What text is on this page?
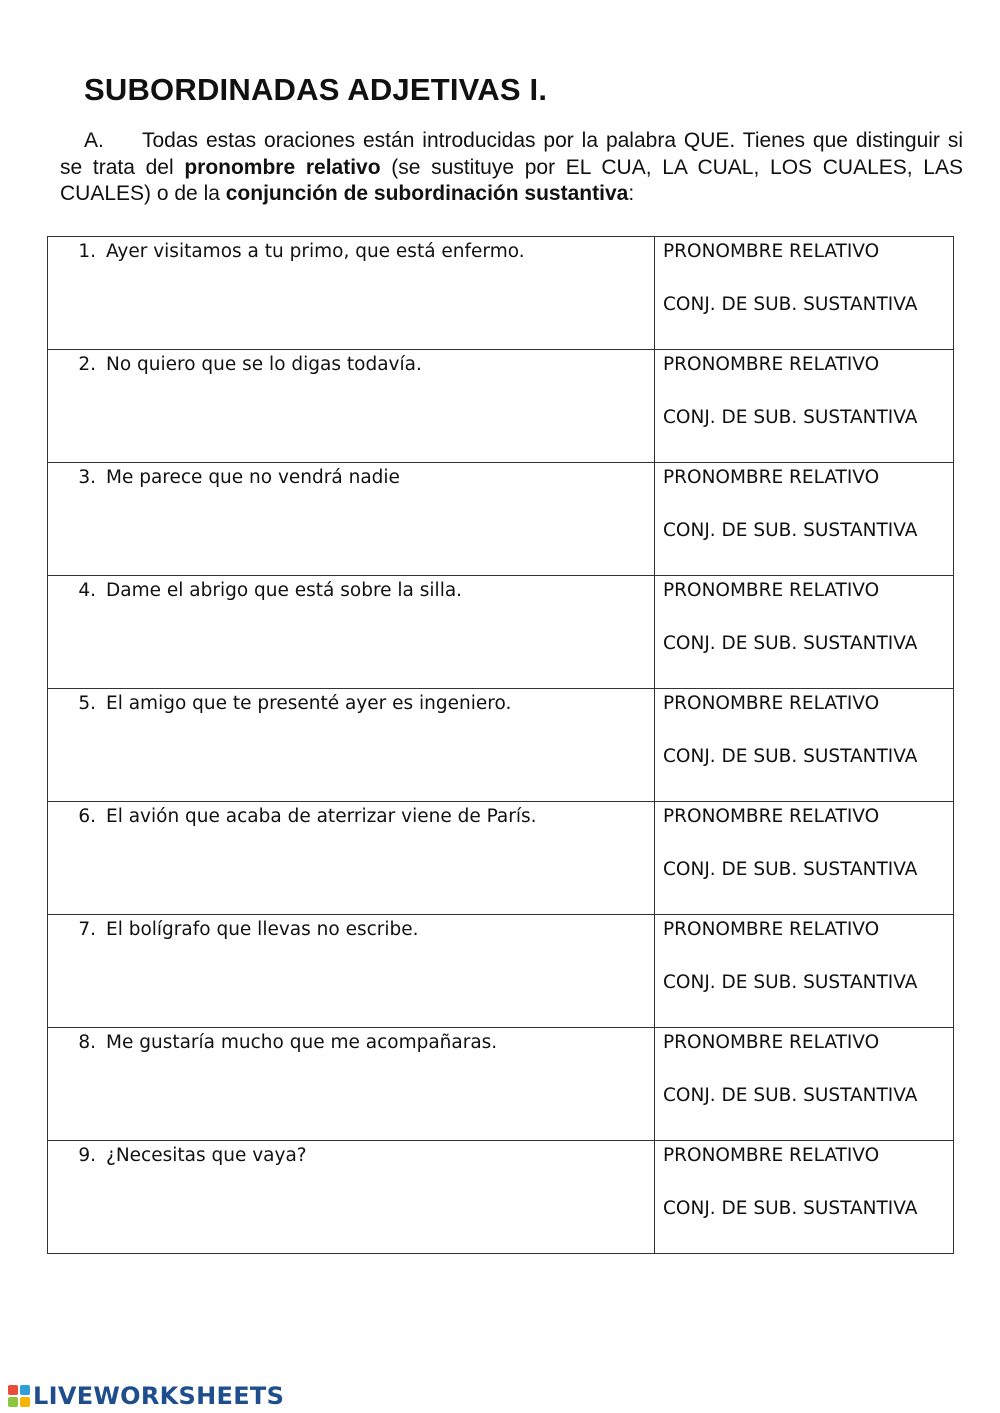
SUBORDINADAS ADJETIVAS I.

A. Todas estas oraciones están introducidas por la palabra QUE. Tienes que distinguir si se trata del pronombre relativo (se sustituye por EL CUA, LA CUAL, LOS CUALES, LAS CUALES) o de la conjunción de subordinación sustantiva:

1. Ayer visitamos a tu primo, que está enfermo.	PRONOMBRE RELATIVO
CONJ. DE SUB. SUSTANTIVA

2. No quiero que se lo digas todavía.	PRONOMBRE RELATIVO
CONJ. DE SUB. SUSTANTIVA

3. Me parece que no vendrá nadie	PRONOMBRE RELATIVO
CONJ. DE SUB. SUSTANTIVA

4. Dame el abrigo que está sobre la silla.	PRONOMBRE RELATIVO
CONJ. DE SUB. SUSTANTIVA

5. El amigo que te presenté ayer es ingeniero.	PRONOMBRE RELATIVO
CONJ. DE SUB. SUSTANTIVA

6. El avión que acaba de aterrizar viene de París.	PRONOMBRE RELATIVO
CONJ. DE SUB. SUSTANTIVA

7. El bolígrafo que llevas no escribe.	PRONOMBRE RELATIVO
CONJ. DE SUB. SUSTANTIVA

8. Me gustaría mucho que me acompañaras.	PRONOMBRE RELATIVO
CONJ. DE SUB. SUSTANTIVA

9. ¿Necesitas que vaya?	PRONOMBRE RELATIVO
CONJ. DE SUB. SUSTANTIVA
LIVEWORKSHEETS
